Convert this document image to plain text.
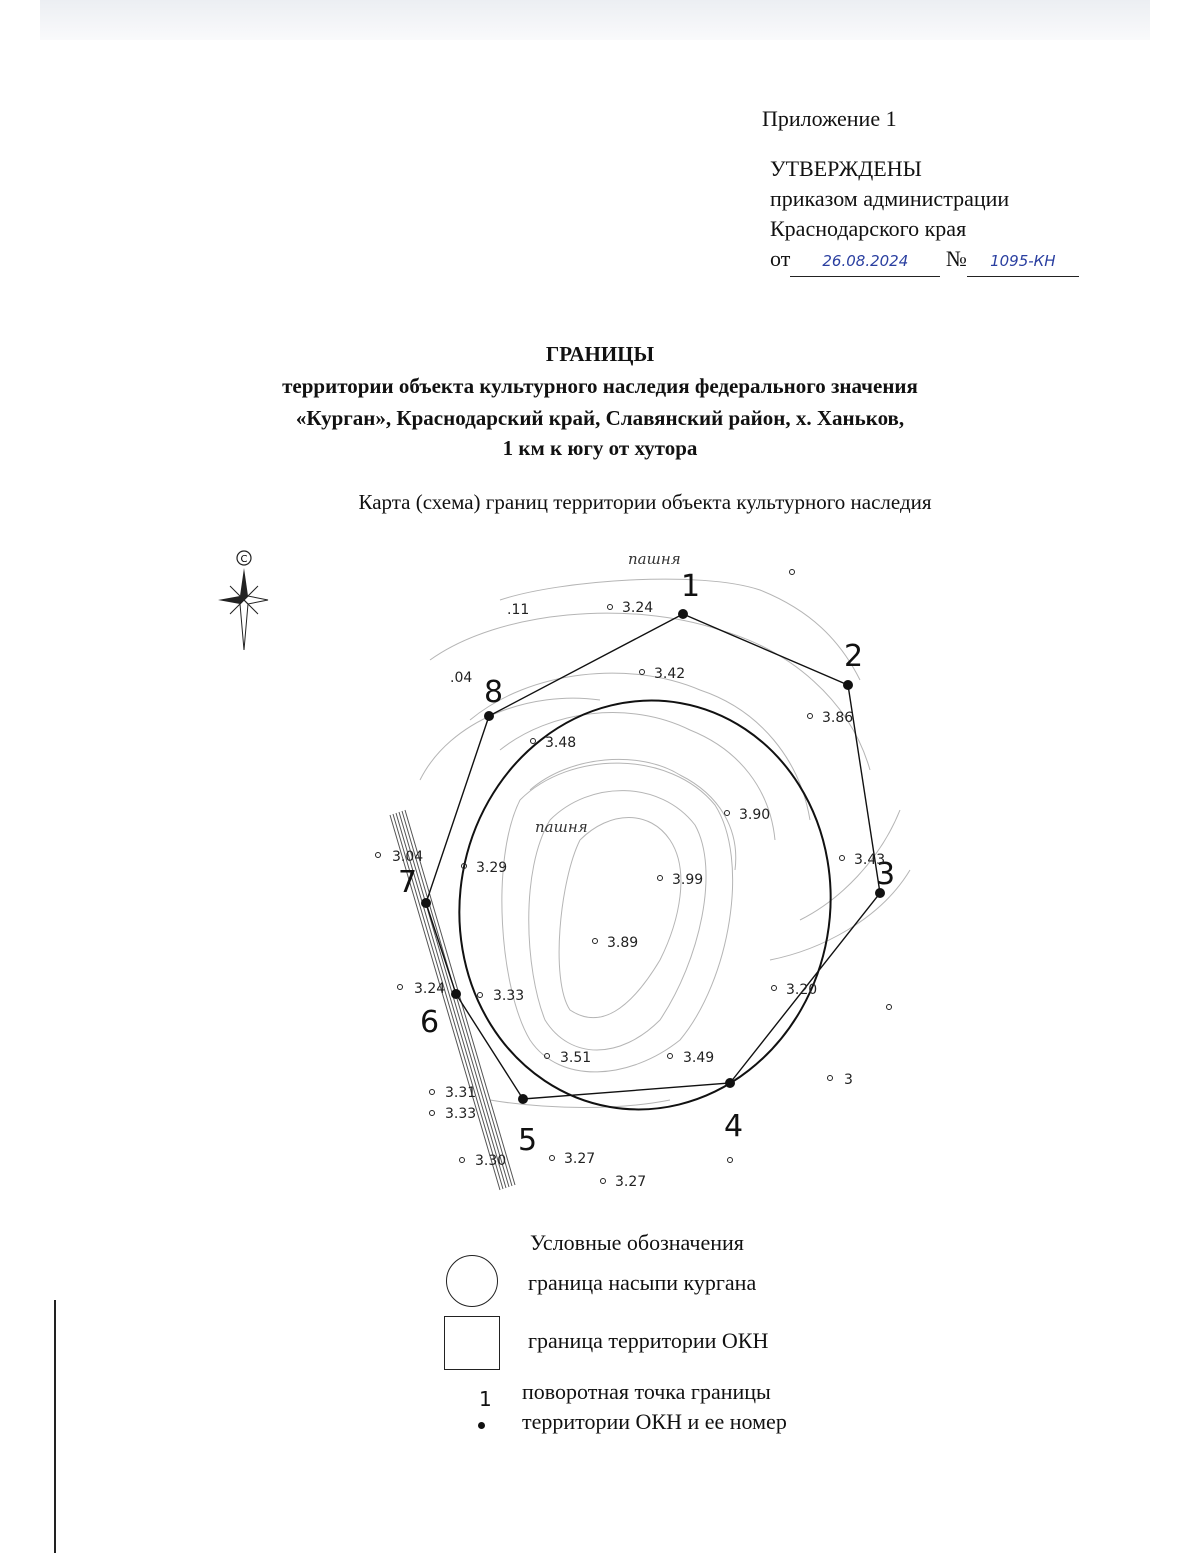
Приложение 1
УТВЕРЖДЕНЫ
приказом администрации
Краснодарского края
от 26.08.2024 № 1095-КН
ГРАНИЦЫ
территории объекта культурного наследия федерального значения
«Курган», Краснодарский край, Славянский район, х. Ханьков,
1 км к югу от хутора
Карта (схема) границ территории объекта культурного наследия
С
1
2
3
4
5
6
7
8
пашня
пашня
.11	3.24
3.42
.04
3.86
3.48
3.90
3.04
3.29	3.43
3.99
3.89
3.24	3.33	3.20
3.51	3.49
3
3.31
3.33
3.30	3.27
3.27
Условные обозначения
граница насыпи кургана
граница территории ОКН
1 поворотная точка границы
территории ОКН и ее номер
